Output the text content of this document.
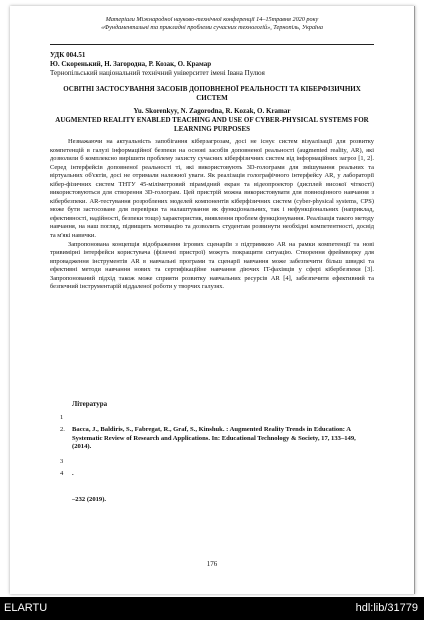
Матеріали Міжнародної науково-технічної конференції 14–15травня 2020 року
«Фундаментальні та прикладні проблеми сучасних технологій», Тернопіль, Україна
УДК 004.51
Ю. Скоренький, Н. Загородна, Р. Козак, О. Крамар
Тернопільський національний технічний університет імені Івана Пулюя
ОСВІТНІ ЗАСТОСУВАННЯ ЗАСОБІВ ДОПОВНЕНОЇ РЕАЛЬНОСТІ ТА КІБЕРФІЗИЧНИХ СИСТЕМ
Yu. Skorenkyy, N. Zagorodna, R. Kozak, O. Kramar
AUGMENTED REALITY ENABLED TEACHING AND USE OF CYBER-PHYSICAL SYSTEMS FOR LEARNING PURPOSES

Незважаючи на актуальність запобігання кіберзагрозам, досі не існує систем візуалізації для розвитку компетенцій в галузі інформаційної безпеки на основі засобів доповненої реальності (augmented reality, AR), які дозволили б комплексно вирішити проблему захисту сучасних кіберфізичних систем від інформаційних загроз [1, 2]. Серед інтерфейсів доповненої реальності ті, які використовують 3D-голограми для змішування реальних та віртуальних об'єктів, досі не отримали належної уваги. Як реалізація голографічного інтерфейсу AR, у лабораторії кібер-фізичних систем ТНТУ 45-міліметровий пірамідний екран та відеопроектор (дисплей високої чіткості) використовуються для створення 3D-голограм. Цей пристрій можна використовувати для повноцінного навчання з кібербезпеки. AR-тестування розроблених моделей компонентів кіберфізичних систем (cyber-physical systems, CPS) може бути застосоване для перевірки та налаштування як функціональних, так і нефункціональних (наприклад, ефективності, надійності, безпеки тощо) характеристик, виявлення проблем функціонування. Реалізація такого методу навчання, на наш погляд, підвищить мотивацію та дозволить студентам розвинути необхідні компетентності, досвід та м'які навички.

Запропонована концепція відображення ігрових сценаріїв з підтримкою AR на рамки компетенції та нові тривимірні інтерфейси користувача (фізичні пристрої) можуть покращити ситуацію. Створення фреймворку для впровадження інструментів AR в навчальні програми та сценарії навчання може забезпечити більш швидкі та ефективні методи навчання нових та сертифікаційне навчання діючих IT-фахівців у сфері кібербезпеки [3]. Запропонований підхід також може сприяти розвитку навчальних ресурсів AR [4], забезпечити ефективний та безпечний інструментарій віддаленої роботи у творчих галузях.

Література
1
2.	Bacca, J., Baldiris, S., Fabregat, R., Graf, S., Kinshuk. : Augmented Reality Trends in Education: A Systematic Review of Research and Applications. In: Educational Technology & Society, 17, 133–149, (2014).
3
4	.
–232 (2019).
176
ELARTU	hdl:lib/31779
